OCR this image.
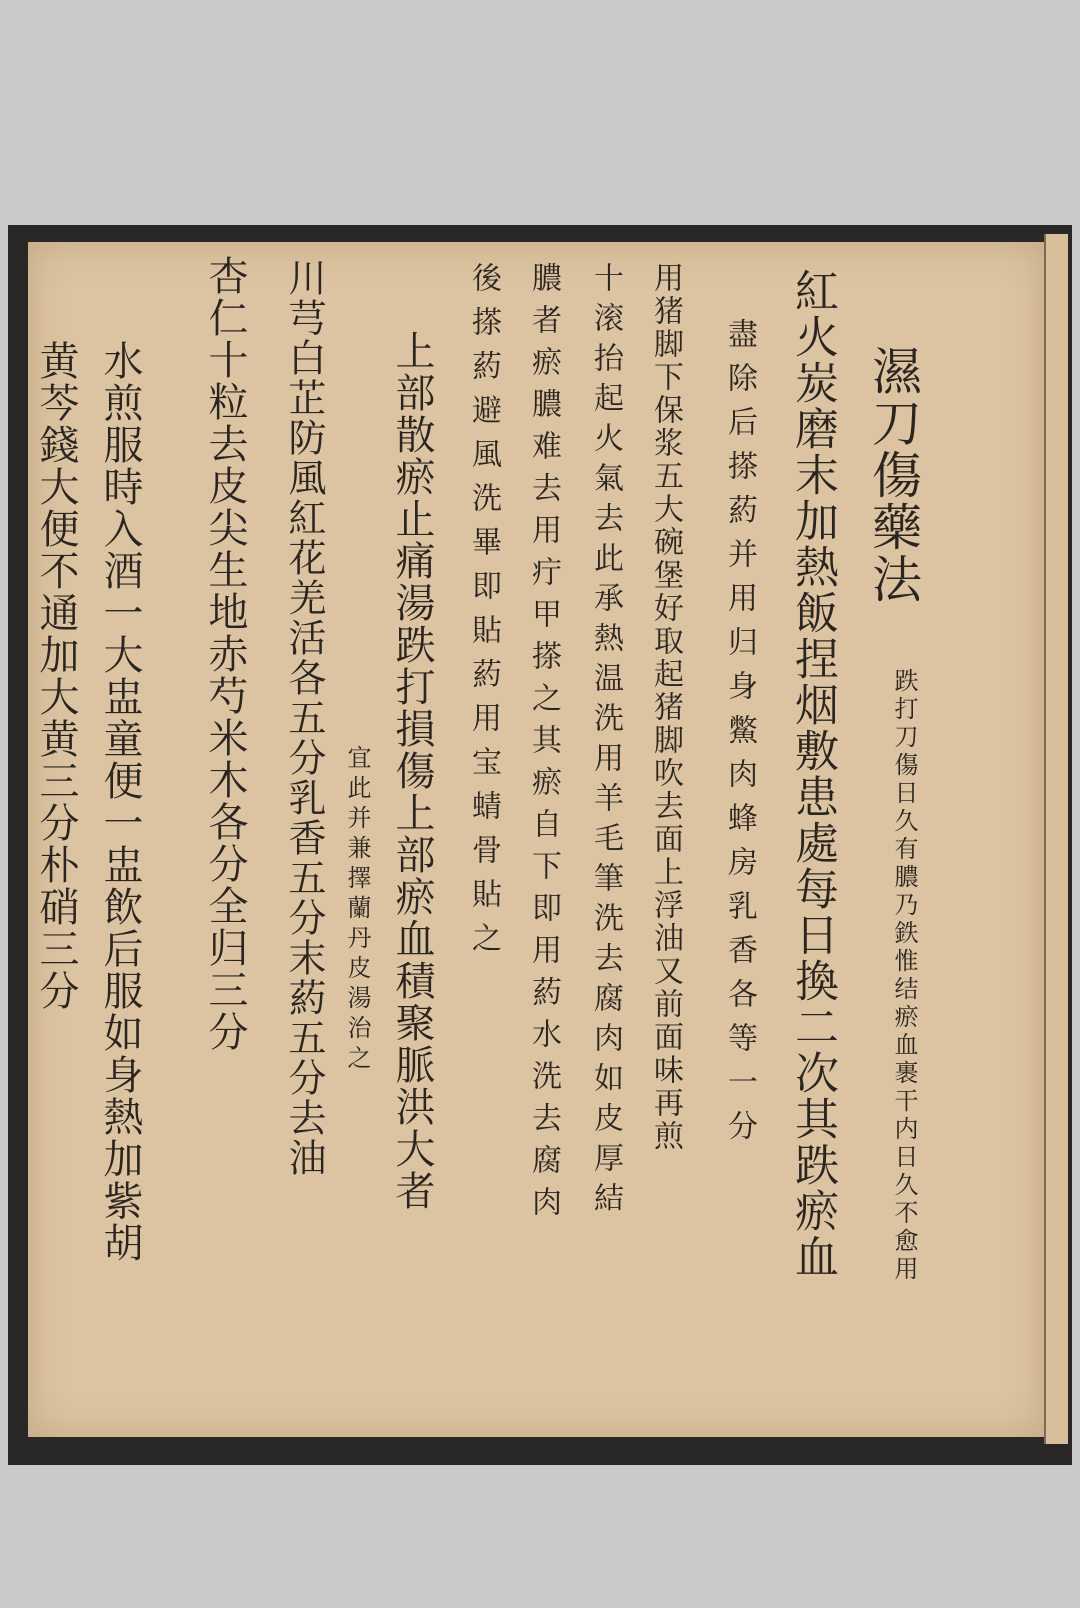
濕刀傷藥法
跌打刀傷日久有膿乃鉄惟结瘀血裹干内日久不愈用
紅火炭磨末加熱飯捏烟敷患處每日換二次其跌瘀血
盡除后搽葯并用归身鱉肉蜂房乳香各等一分
用猪脚下保浆五大碗堡好取起猪脚吹去面上浮油又前面味再煎
十滚抬起火氣去此承熱温洗用羊毛筆洗去腐肉如皮厚結
膿者瘀膿难去用疔甲搽之其瘀自下即用葯水洗去腐肉
後搽葯避風洗畢即貼葯用宝蜻骨貼之
上部散瘀止痛湯跌打損傷上部瘀血積聚脈洪大者
宜此并兼擇蘭丹皮湯治之
川芎白芷防風紅花羌活各五分乳香五分末葯五分去油
杏仁十粒去皮尖生地赤芍米木各分全归三分
水煎服時入酒一大盅童便一盅飲后服如身熱加紫胡
黄芩錢大便不通加大黄三分朴硝三分
